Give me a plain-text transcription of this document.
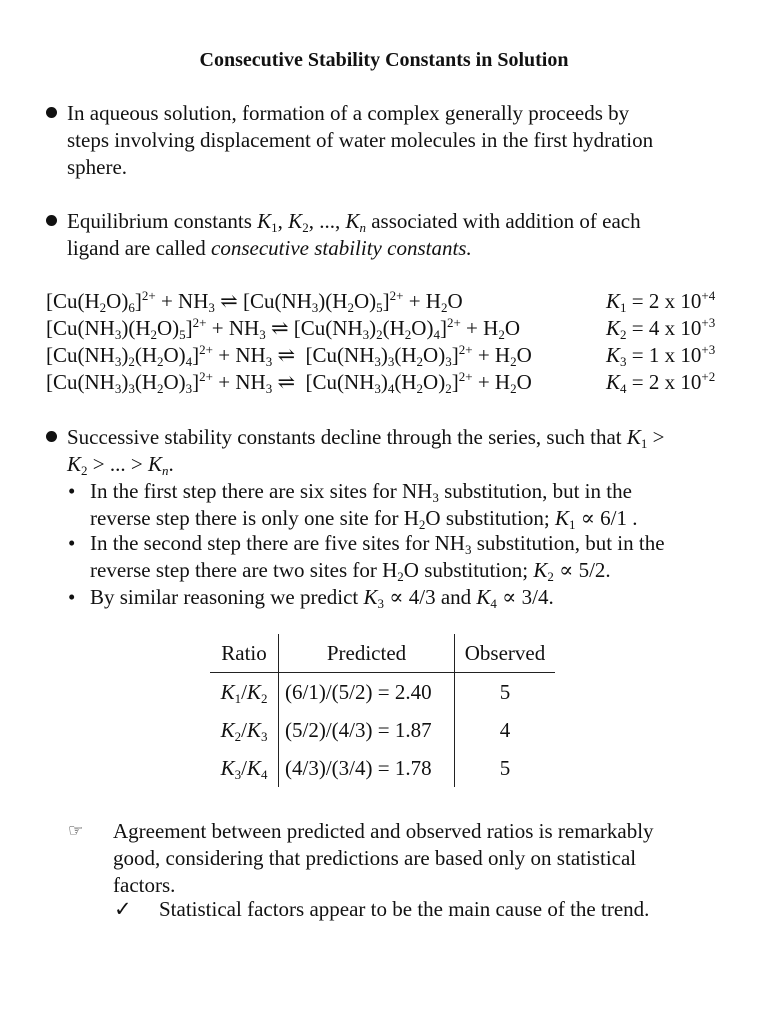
Consecutive Stability Constants in Solution
In aqueous solution, formation of a complex generally proceeds by
steps involving displacement of water molecules in the first hydration
sphere.
Equilibrium constants $K_1$, $K_2$, ..., $K_n$ associated with addition of each
ligand are called consecutive stability constants.
$[Cu(H_2O)_6]^{2+} + NH_3$ ⇌ $[Cu(NH_3)(H_2O)_5]^{2+} + H_2O$	$K_1 = 2$ x $10^{+4}$
$[Cu(NH_3)(H_2O)_5]^{2+} + NH_3$ ⇌ $[Cu(NH_3)_2(H_2O)_4]^{2+} + H_2O$	$K_2 = 4$ x $10^{+3}$
$[Cu(NH_3)_2(H_2O)_4]^{2+} + NH_3$ ⇌  $[Cu(NH_3)_3(H_2O)_3]^{2+} + H_2O$	$K_3 = 1$ x $10^{+3}$
$[Cu(NH_3)_3(H_2O)_3]^{2+} + NH_3$ ⇌  $[Cu(NH_3)_4(H_2O)_2]^{2+} + H_2O$	$K_4 = 2$ x $10^{+2}$
Successive stability constants decline through the series, such that $K_1$ >
$K_2$ > ... > $K_n$.
• In the first step there are six sites for $NH_3$ substitution, but in the
reverse step there is only one site for $H_2O$ substitution; $K_1 \propto 6/1$ .
• In the second step there are five sites for $NH_3$ substitution, but in the
reverse step there are two sites for $H_2O$ substitution; $K_2 \propto 5/2$.
• By similar reasoning we predict $K_3 \propto 4/3$ and $K_4 \propto 3/4$.
Ratio	Predicted	Observed
$K_1/K_2$	(6/1)/(5/2) = 2.40	5
$K_2/K_3$	(5/2)/(4/3) = 1.87	4
$K_3/K_4$	(4/3)/(3/4) = 1.78	5
☞ Agreement between predicted and observed ratios is remarkably
good, considering that predictions are based only on statistical
factors.
✓ Statistical factors appear to be the main cause of the trend.
